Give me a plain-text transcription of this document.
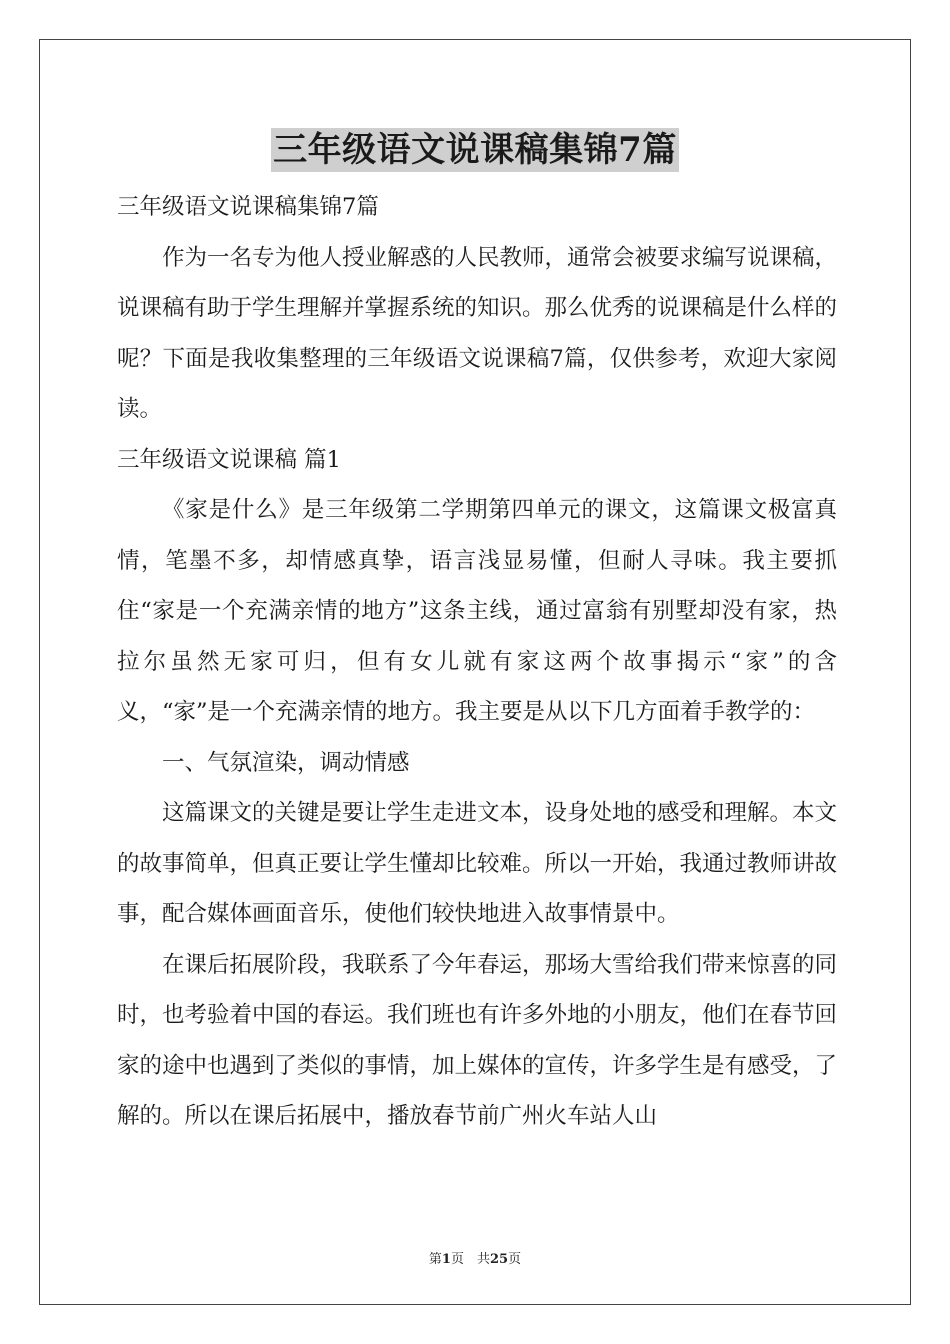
三年级语文说课稿集锦7篇

三年级语文说课稿集锦7篇

作为一名专为他人授业解惑的人民教师，通常会被要求编写说课稿，说课稿有助于学生理解并掌握系统的知识。那么优秀的说课稿是什么样的呢？下面是我收集整理的三年级语文说课稿7篇，仅供参考，欢迎大家阅读。

三年级语文说课稿 篇1

《家是什么》是三年级第二学期第四单元的课文，这篇课文极富真情，笔墨不多，却情感真挚，语言浅显易懂，但耐人寻味。我主要抓住“家是一个充满亲情的地方”这条主线，通过富翁有别墅却没有家，热拉尔虽然无家可归，但有女儿就有家这两个故事揭示“家”的含义，“家”是一个充满亲情的地方。我主要是从以下几方面着手教学的：

一、气氛渲染，调动情感

这篇课文的关键是要让学生走进文本，设身处地的感受和理解。本文的故事简单，但真正要让学生懂却比较难。所以一开始，我通过教师讲故事，配合媒体画面音乐，使他们较快地进入故事情景中。

在课后拓展阶段，我联系了今年春运，那场大雪给我们带来惊喜的同时，也考验着中国的春运。我们班也有许多外地的小朋友，他们在春节回家的途中也遇到了类似的事情，加上媒体的宣传，许多学生是有感受，了解的。所以在课后拓展中，播放春节前广州火车站人山

第1页　共25页
